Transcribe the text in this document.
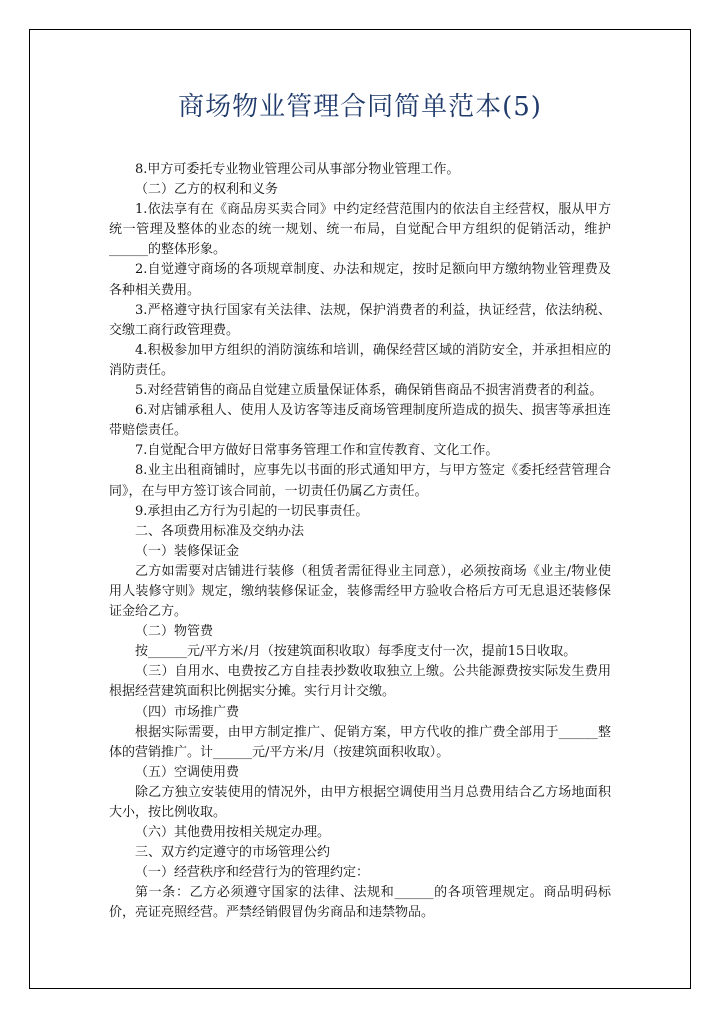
商场物业管理合同简单范本(5)

8.甲方可委托专业物业管理公司从事部分物业管理工作。

（二）乙方的权利和义务

1.依法享有在《商品房买卖合同》中约定经营范围内的依法自主经营权，服从甲方统一管理及整体的业态的统一规划、统一布局，自觉配合甲方组织的促销活动，维护______的整体形象。

2.自觉遵守商场的各项规章制度、办法和规定，按时足额向甲方缴纳物业管理费及各种相关费用。

3.严格遵守执行国家有关法律、法规，保护消费者的利益，执证经营，依法纳税、交缴工商行政管理费。

4.积极参加甲方组织的消防演练和培训，确保经营区域的消防安全，并承担相应的消防责任。

5.对经营销售的商品自觉建立质量保证体系，确保销售商品不损害消费者的利益。

6.对店铺承租人、使用人及访客等违反商场管理制度所造成的损失、损害等承担连带赔偿责任。

7.自觉配合甲方做好日常事务管理工作和宣传教育、文化工作。

8.业主出租商铺时，应事先以书面的形式通知甲方，与甲方签定《委托经营管理合同》，在与甲方签订该合同前，一切责任仍属乙方责任。

9.承担由乙方行为引起的一切民事责任。

二、各项费用标准及交纳办法

（一）装修保证金

乙方如需要对店铺进行装修（租赁者需征得业主同意），必须按商场《业主/物业使用人装修守则》规定，缴纳装修保证金，装修需经甲方验收合格后方可无息退还装修保证金给乙方。

（二）物管费

按______元/平方米/月（按建筑面积收取）每季度支付一次，提前15日收取。

（三）自用水、电费按乙方自挂表抄数收取独立上缴。公共能源费按实际发生费用根据经营建筑面积比例据实分摊。实行月计交缴。

（四）市场推广费

根据实际需要，由甲方制定推广、促销方案，甲方代收的推广费全部用于______整体的营销推广。计______元/平方米/月（按建筑面积收取）。

（五）空调使用费

除乙方独立安装使用的情况外，由甲方根据空调使用当月总费用结合乙方场地面积大小，按比例收取。

（六）其他费用按相关规定办理。

三、双方约定遵守的市场管理公约

（一）经营秩序和经营行为的管理约定：

第一条：乙方必须遵守国家的法律、法规和______的各项管理规定。商品明码标价，亮证亮照经营。严禁经销假冒伪劣商品和违禁物品。
